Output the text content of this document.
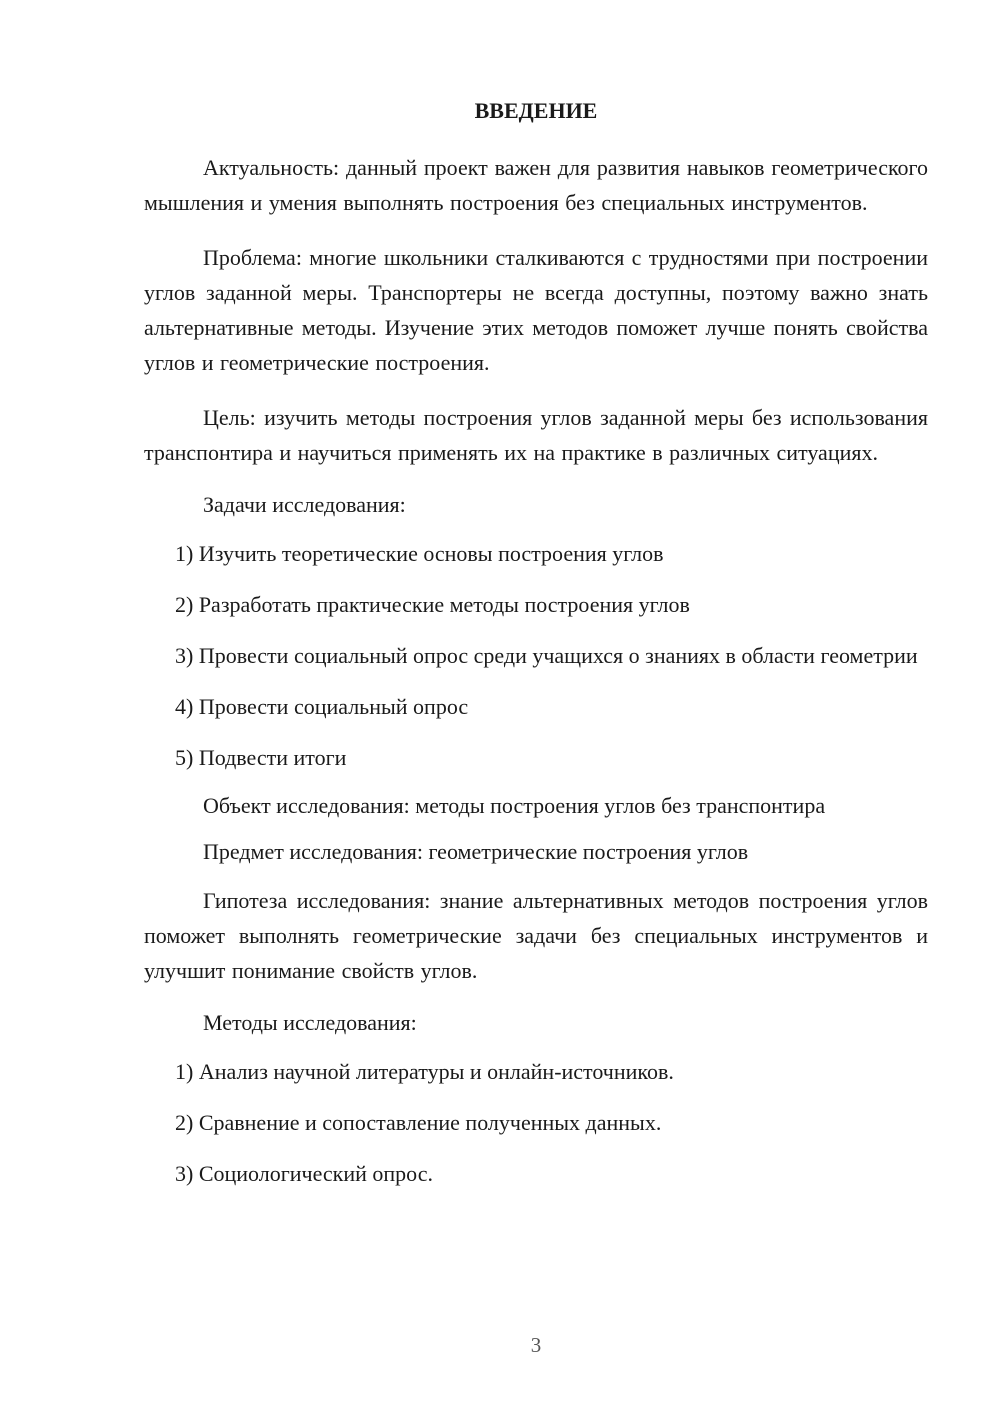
ВВЕДЕНИЕ

Актуальность: данный проект важен для развития навыков геометрического мышления и умения выполнять построения без специальных инструментов.

Проблема: многие школьники сталкиваются с трудностями при построении углов заданной меры. Транспортеры не всегда доступны, поэтому важно знать альтернативные методы. Изучение этих методов поможет лучше понять свойства углов и геометрические построения.

Цель: изучить методы построения углов заданной меры без использования транспонтира и научиться применять их на практике в различных ситуациях.

Задачи исследования:

1) Изучить теоретические основы построения углов

2) Разработать практические методы построения углов

3) Провести социальный опрос среди учащихся о знаниях в области геометрии

4) Провести социальный опрос

5) Подвести итоги

Объект исследования: методы построения углов без транспонтира

Предмет исследования: геометрические построения углов

Гипотеза исследования: знание альтернативных методов построения углов поможет выполнять геометрические задачи без специальных инструментов и улучшит понимание свойств углов.

Методы исследования:

1) Анализ научной литературы и онлайн-источников.

2) Сравнение и сопоставление полученных данных.

3) Социологический опрос.

3
